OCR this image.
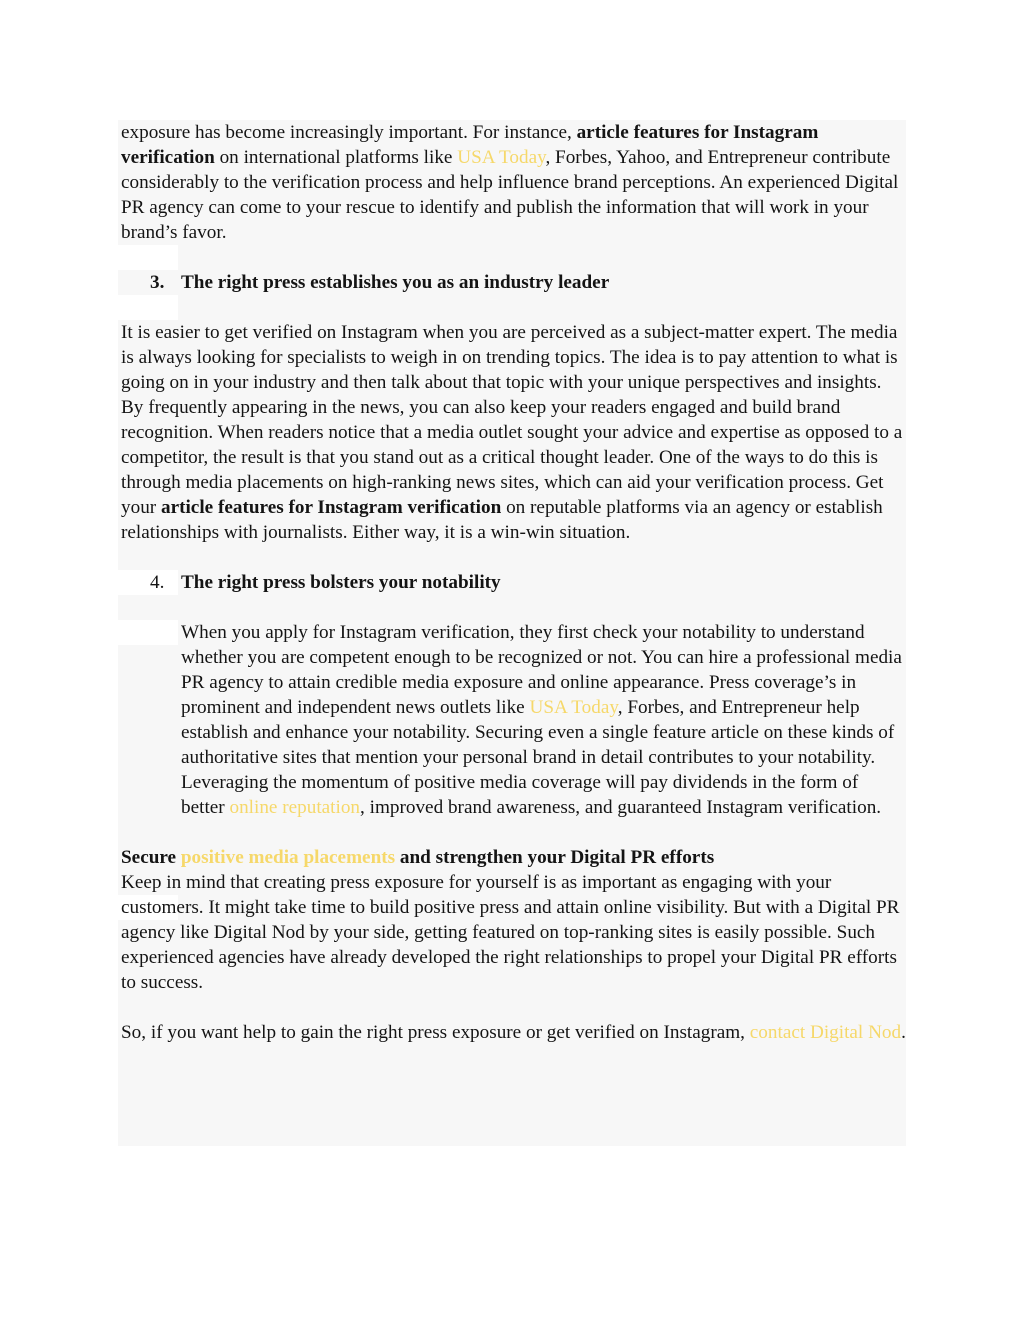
exposure has become increasingly important. For instance, article features for Instagram verification on international platforms like USA Today, Forbes, Yahoo, and Entrepreneur contribute considerably to the verification process and help influence brand perceptions. An experienced Digital PR agency can come to your rescue to identify and publish the information that will work in your brand’s favor.

3. The right press establishes you as an industry leader

It is easier to get verified on Instagram when you are perceived as a subject-matter expert. The media is always looking for specialists to weigh in on trending topics. The idea is to pay attention to what is going on in your industry and then talk about that topic with your unique perspectives and insights. By frequently appearing in the news, you can also keep your readers engaged and build brand recognition. When readers notice that a media outlet sought your advice and expertise as opposed to a competitor, the result is that you stand out as a critical thought leader. One of the ways to do this is through media placements on high-ranking news sites, which can aid your verification process. Get your article features for Instagram verification on reputable platforms via an agency or establish relationships with journalists. Either way, it is a win-win situation.

4. The right press bolsters your notability

When you apply for Instagram verification, they first check your notability to understand whether you are competent enough to be recognized or not. You can hire a professional media PR agency to attain credible media exposure and online appearance. Press coverage’s in prominent and independent news outlets like USA Today, Forbes, and Entrepreneur help establish and enhance your notability. Securing even a single feature article on these kinds of authoritative sites that mention your personal brand in detail contributes to your notability. Leveraging the momentum of positive media coverage will pay dividends in the form of better online reputation, improved brand awareness, and guaranteed Instagram verification.

Secure positive media placements and strengthen your Digital PR efforts

Keep in mind that creating press exposure for yourself is as important as engaging with your customers. It might take time to build positive press and attain online visibility. But with a Digital PR agency like Digital Nod by your side, getting featured on top-ranking sites is easily possible. Such experienced agencies have already developed the right relationships to propel your Digital PR efforts to success.

So, if you want help to gain the right press exposure or get verified on Instagram, contact Digital Nod.
